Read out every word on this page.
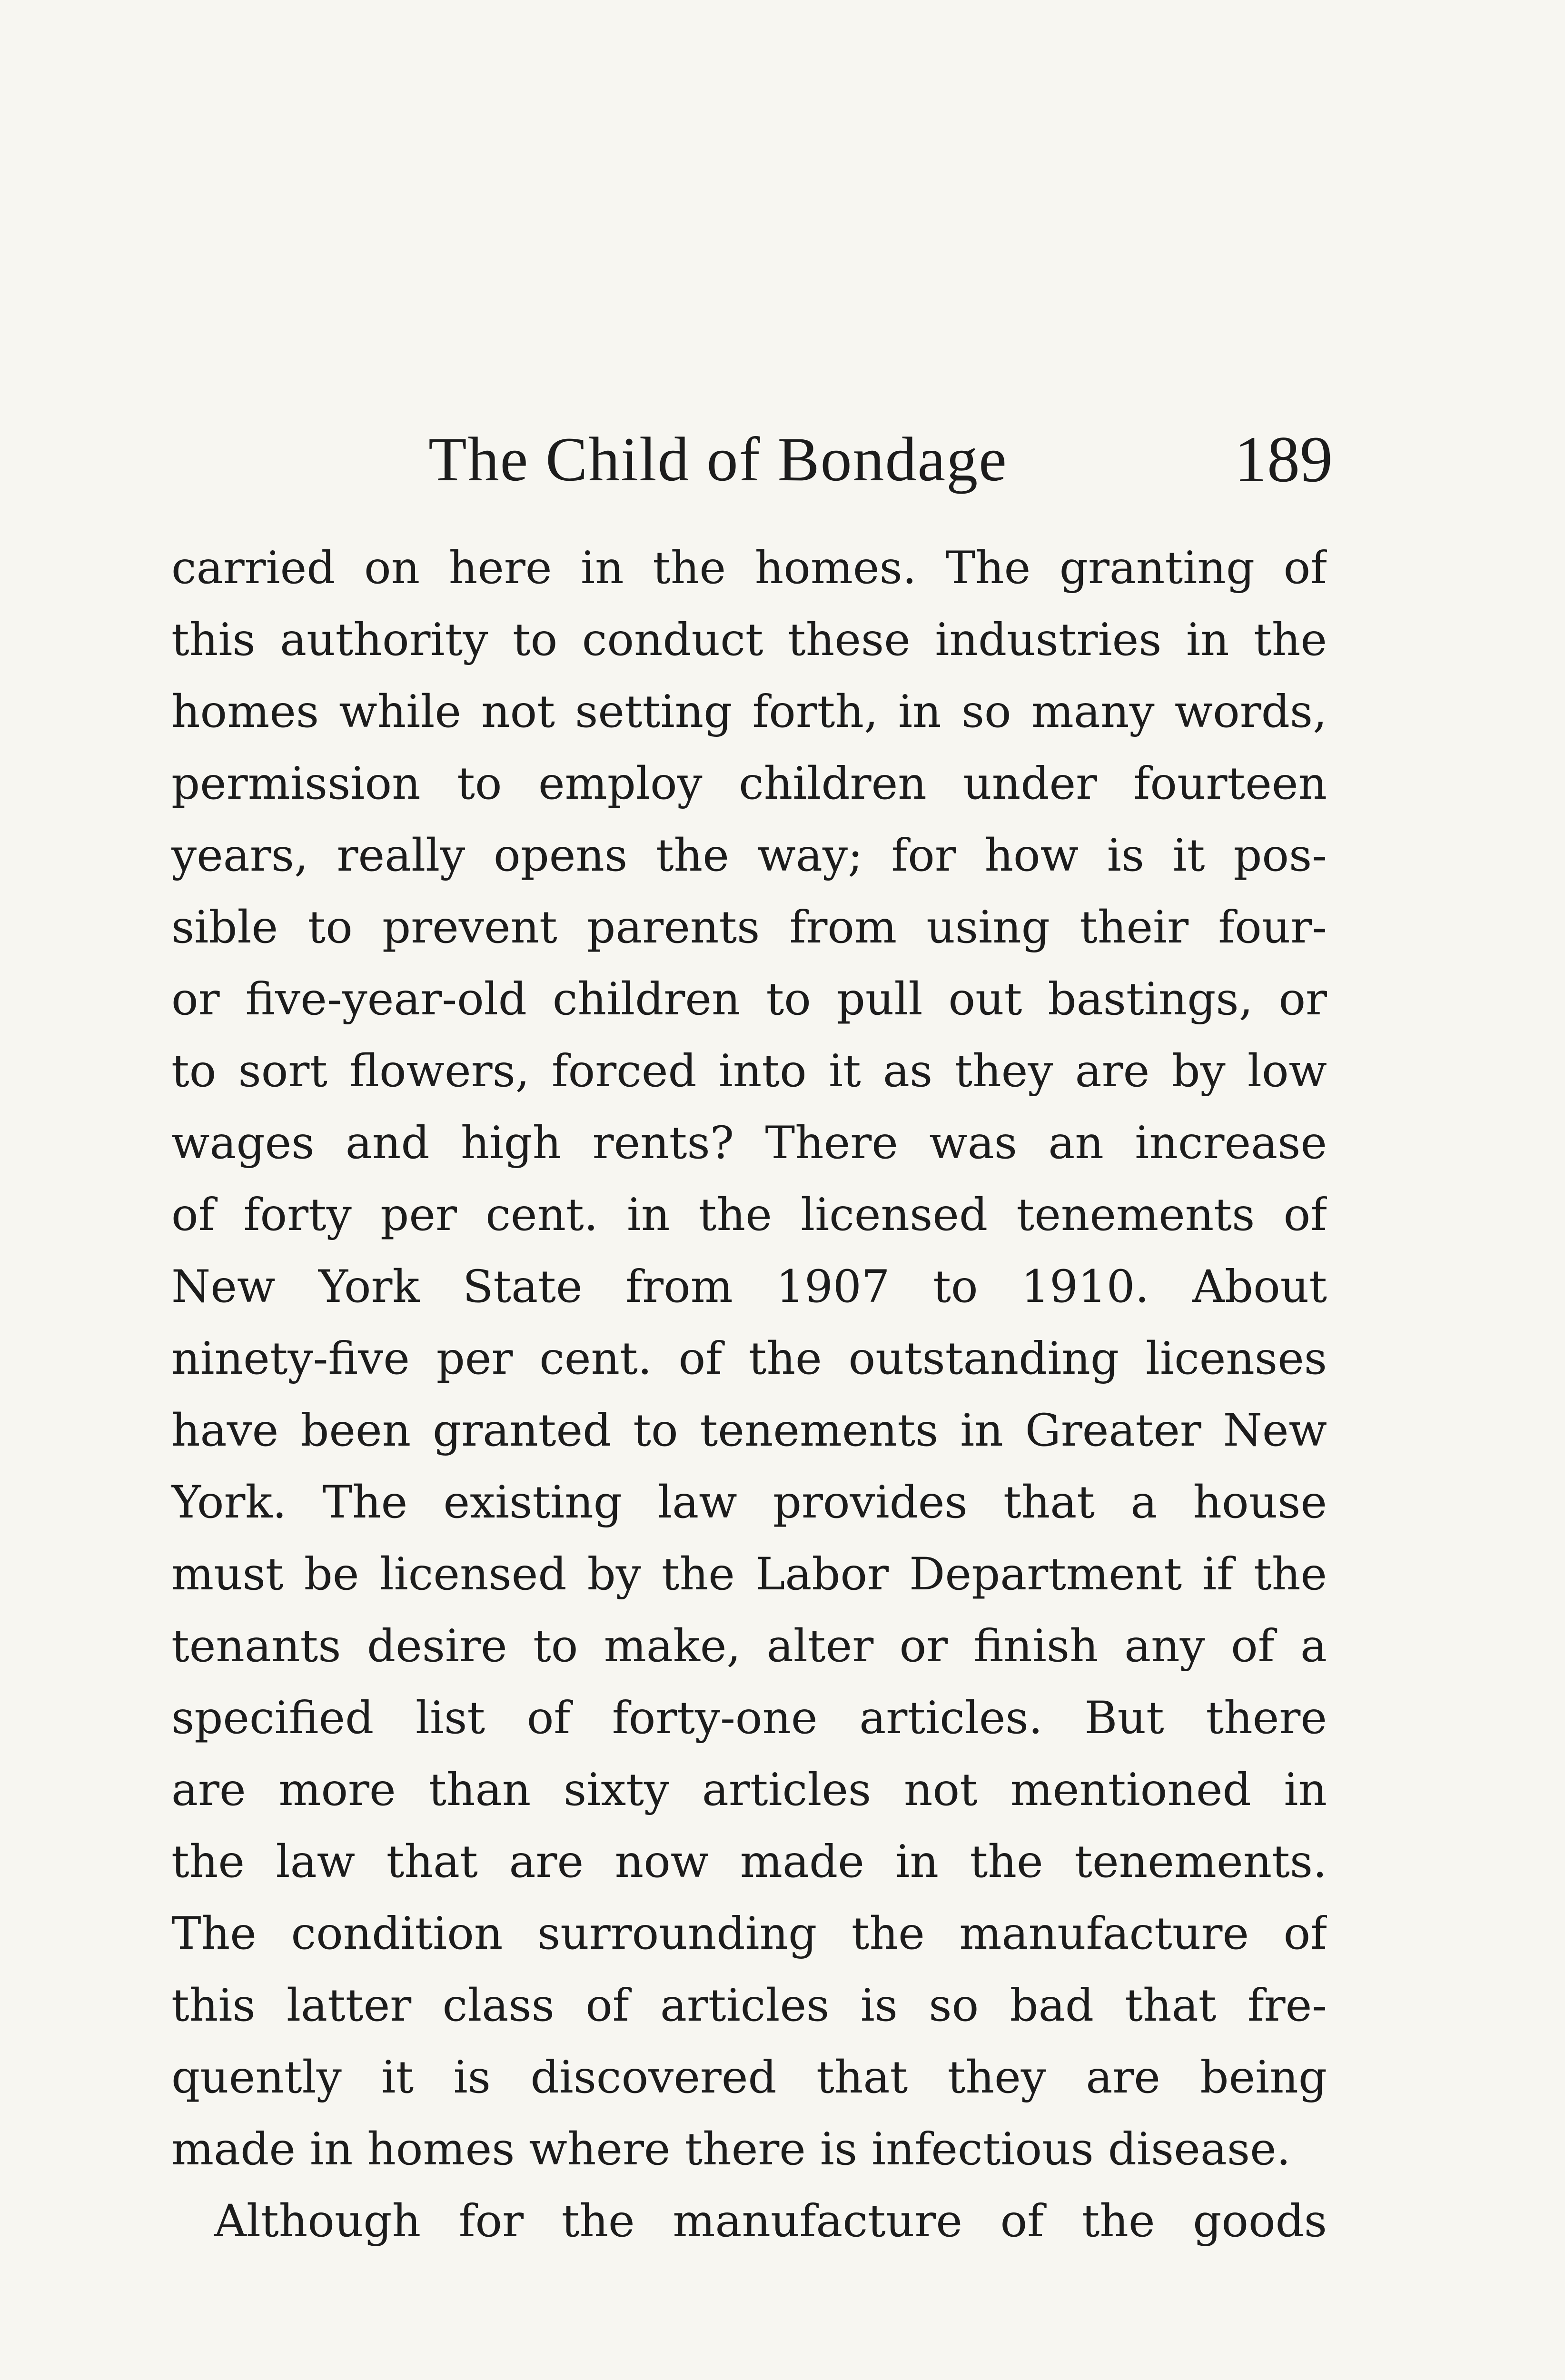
The Child of Bondage	189
carried on here in the homes. The granting of
this authority to conduct these industries in the
homes while not setting forth, in so many words,
permission to employ children under fourteen
years, really opens the way; for how is it pos-
sible to prevent parents from using their four-
or five-year-old children to pull out bastings, or
to sort flowers, forced into it as they are by low
wages and high rents? There was an increase
of forty per cent. in the licensed tenements of
New York State from 1907 to 1910. About
ninety-five per cent. of the outstanding licenses
have been granted to tenements in Greater New
York. The existing law provides that a house
must be licensed by the Labor Department if the
tenants desire to make, alter or finish any of a
specified list of forty-one articles. But there
are more than sixty articles not mentioned in
the law that are now made in the tenements.
The condition surrounding the manufacture of
this latter class of articles is so bad that fre-
quently it is discovered that they are being
made in homes where there is infectious disease.
Although for the manufacture of the goods
